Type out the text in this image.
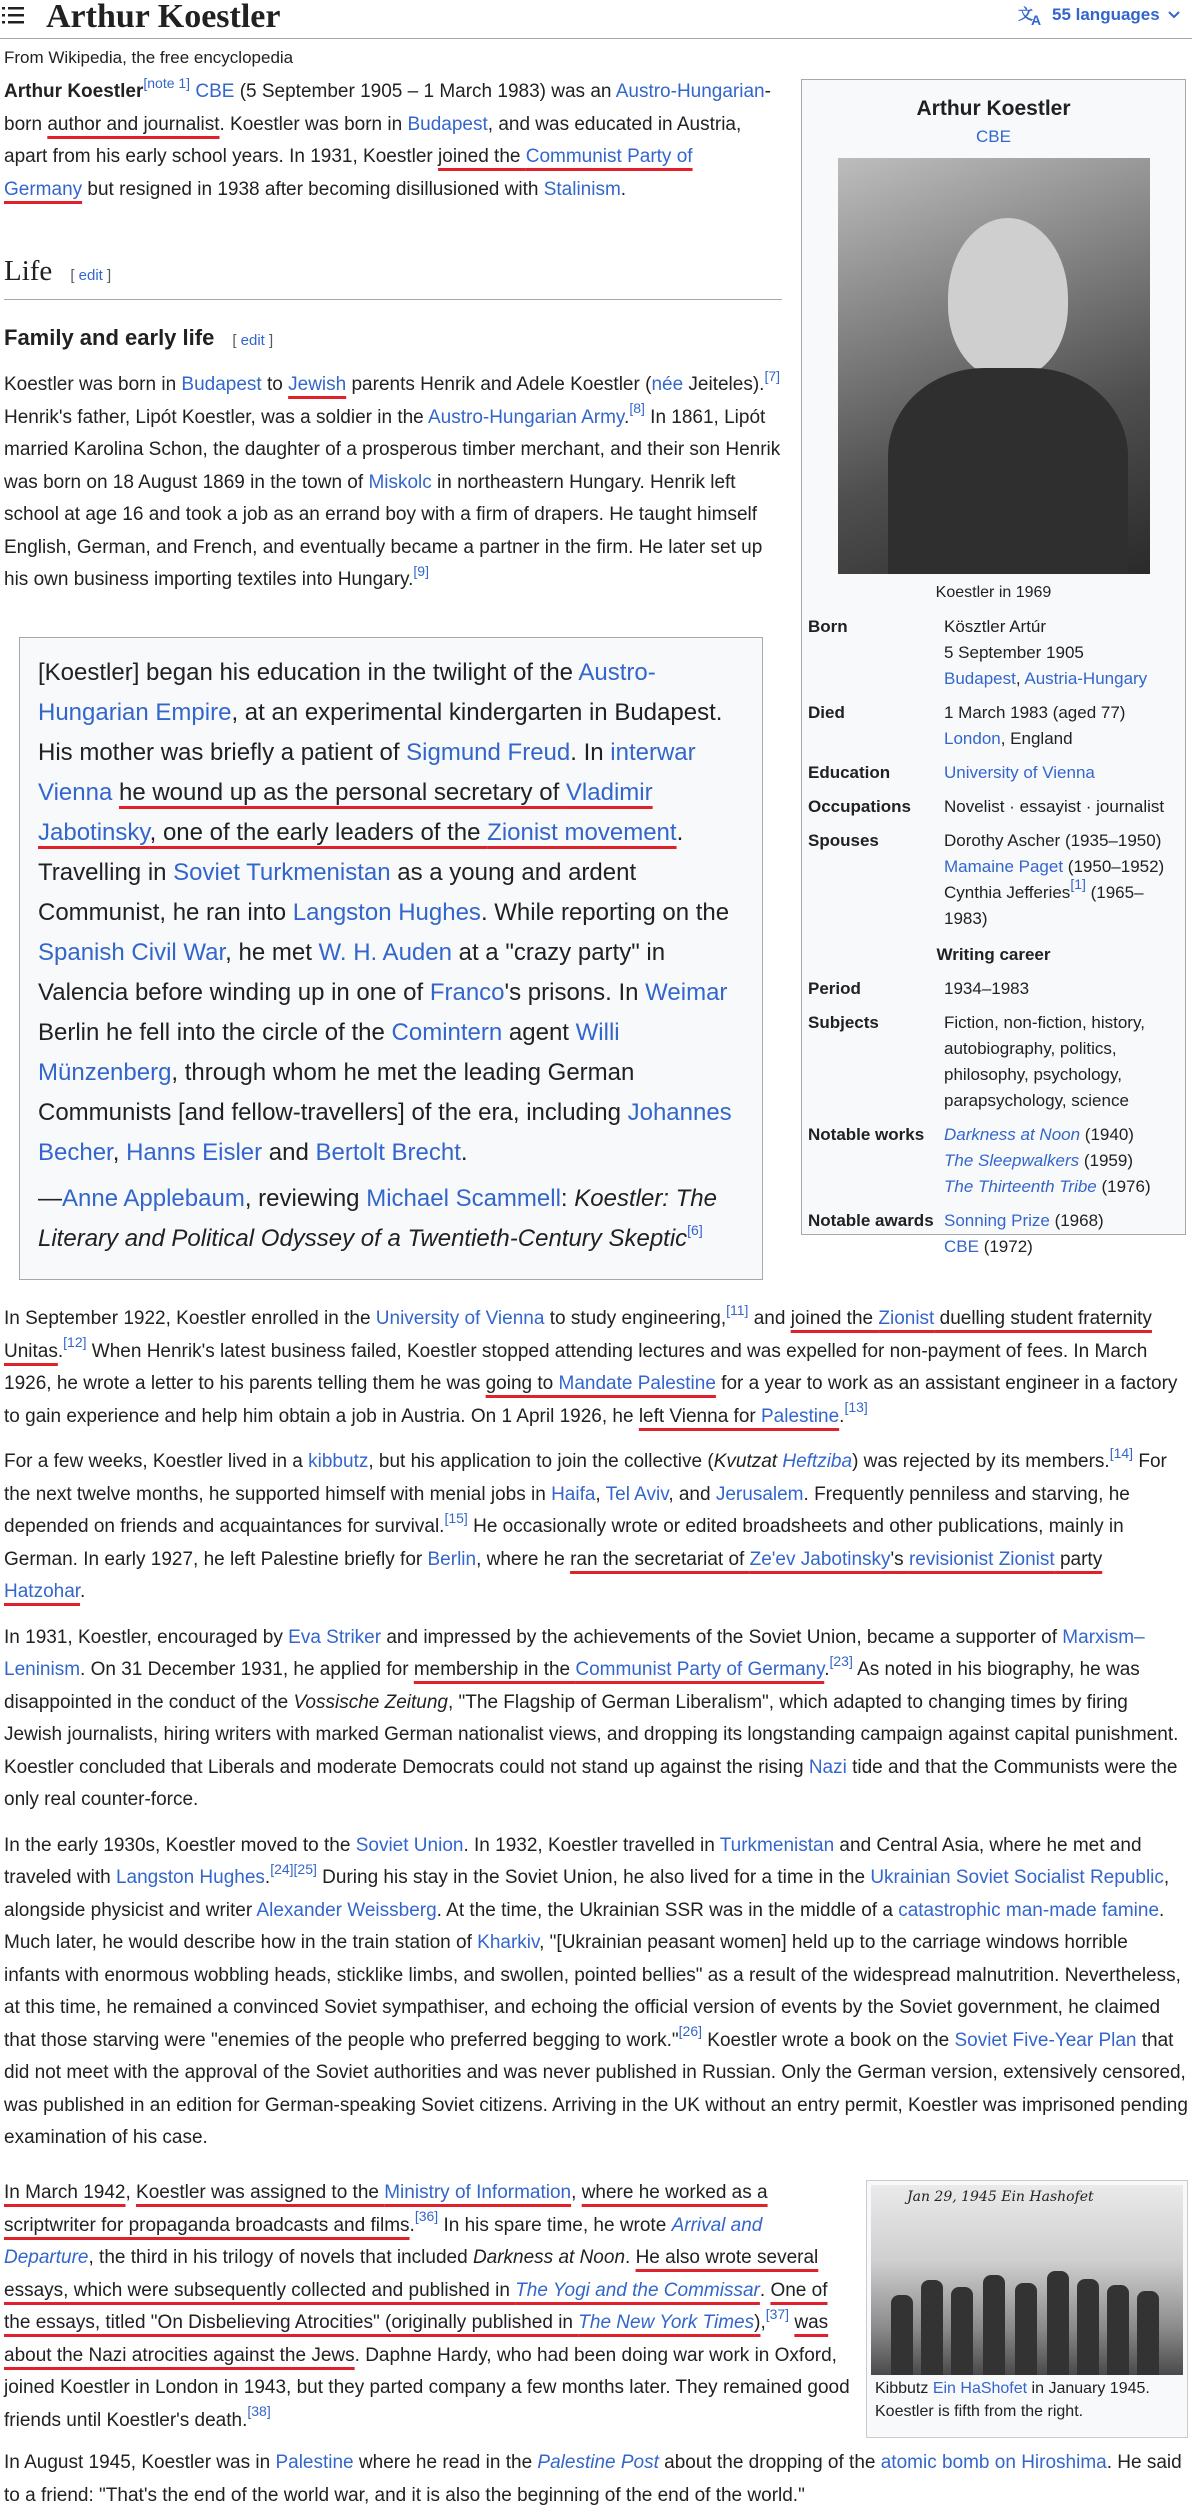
Arthur Koestler	文
A 55 languages
From Wikipedia, the free encyclopedia
Arthur Koestler[note 1] CBE (5 September 1905 – 1 March 1983) was an Austro-Hungarian-born author and journalist. Koestler was born in Budapest, and was educated in Austria, apart from his early school years. In 1931, Koestler joined the Communist Party of Germany but resigned in 1938 after becoming disillusioned with Stalinism.
Life [ edit ]
Family and early life [ edit ]
Koestler was born in Budapest to Jewish parents Henrik and Adele Koestler (née Jeiteles).[7] Henrik's father, Lipót Koestler, was a soldier in the Austro-Hungarian Army.[8] In 1861, Lipót married Karolina Schon, the daughter of a prosperous timber merchant, and their son Henrik was born on 18 August 1869 in the town of Miskolc in northeastern Hungary. Henrik left school at age 16 and took a job as an errand boy with a firm of drapers. He taught himself English, German, and French, and eventually became a partner in the firm. He later set up his own business importing textiles into Hungary.[9]
[Koestler] began his education in the twilight of the Austro-Hungarian Empire, at an experimental kindergarten in Budapest. His mother was briefly a patient of Sigmund Freud. In interwar Vienna he wound up as the personal secretary of Vladimir Jabotinsky, one of the early leaders of the Zionist movement. Travelling in Soviet Turkmenistan as a young and ardent Communist, he ran into Langston Hughes. While reporting on the Spanish Civil War, he met W. H. Auden at a "crazy party" in Valencia before winding up in one of Franco's prisons. In Weimar Berlin he fell into the circle of the Comintern agent Willi Münzenberg, through whom he met the leading German Communists [and fellow-travellers] of the era, including Johannes Becher, Hanns Eisler and Bertolt Brecht.
—Anne Applebaum, reviewing Michael Scammell: Koestler: The Literary and Political Odyssey of a Twentieth-Century Skeptic[6]
Arthur Koestler
CBE
Koestler in 1969
Born	Kösztler Artúr
5 September 1905
Budapest, Austria-Hungary
Died	1 March 1983 (aged 77)
London, England
Education	University of Vienna
Occupations	Novelist · essayist · journalist
Spouses	Dorothy Ascher (1935–1950)
Mamaine Paget (1950–1952)
Cynthia Jefferies[1] (1965–1983)
Writing career
Period	1934–1983
Subjects	Fiction, non-fiction, history, autobiography, politics, philosophy, psychology, parapsychology, science
Notable works	Darkness at Noon (1940)
The Sleepwalkers (1959)
The Thirteenth Tribe (1976)
Notable awards Sonning Prize (1968)
CBE (1972)

In September 1922, Koestler enrolled in the University of Vienna to study engineering,[11] and joined the Zionist duelling student fraternity Unitas.[12] When Henrik's latest business failed, Koestler stopped attending lectures and was expelled for non-payment of fees. In March 1926, he wrote a letter to his parents telling them he was going to Mandate Palestine for a year to work as an assistant engineer in a factory to gain experience and help him obtain a job in Austria. On 1 April 1926, he left Vienna for Palestine.[13]

For a few weeks, Koestler lived in a kibbutz, but his application to join the collective (Kvutzat Heftziba) was rejected by its members.[14] For the next twelve months, he supported himself with menial jobs in Haifa, Tel Aviv, and Jerusalem. Frequently penniless and starving, he depended on friends and acquaintances for survival.[15] He occasionally wrote or edited broadsheets and other publications, mainly in German. In early 1927, he left Palestine briefly for Berlin, where he ran the secretariat of Ze'ev Jabotinsky's revisionist Zionist party Hatzohar.

In 1931, Koestler, encouraged by Eva Striker and impressed by the achievements of the Soviet Union, became a supporter of Marxism–Leninism. On 31 December 1931, he applied for membership in the Communist Party of Germany.[23] As noted in his biography, he was disappointed in the conduct of the Vossische Zeitung, "The Flagship of German Liberalism", which adapted to changing times by firing Jewish journalists, hiring writers with marked German nationalist views, and dropping its longstanding campaign against capital punishment. Koestler concluded that Liberals and moderate Democrats could not stand up against the rising Nazi tide and that the Communists were the only real counter-force.

In the early 1930s, Koestler moved to the Soviet Union. In 1932, Koestler travelled in Turkmenistan and Central Asia, where he met and traveled with Langston Hughes.[24][25] During his stay in the Soviet Union, he also lived for a time in the Ukrainian Soviet Socialist Republic, alongside physicist and writer Alexander Weissberg. At the time, the Ukrainian SSR was in the middle of a catastrophic man-made famine. Much later, he would describe how in the train station of Kharkiv, "[Ukrainian peasant women] held up to the carriage windows horrible infants with enormous wobbling heads, sticklike limbs, and swollen, pointed bellies" as a result of the widespread malnutrition. Nevertheless, at this time, he remained a convinced Soviet sympathiser, and echoing the official version of events by the Soviet government, he claimed that those starving were "enemies of the people who preferred begging to work."[26] Koestler wrote a book on the Soviet Five-Year Plan that did not meet with the approval of the Soviet authorities and was never published in Russian. Only the German version, extensively censored, was published in an edition for German-speaking Soviet citizens. Arriving in the UK without an entry permit, Koestler was imprisoned pending examination of his case.

In March 1942, Koestler was assigned to the Ministry of Information, where he worked as a scriptwriter for propaganda broadcasts and films.[36] In his spare time, he wrote Arrival and Departure, the third in his trilogy of novels that included Darkness at Noon. He also wrote several essays, which were subsequently collected and published in The Yogi and the Commissar. One of the essays, titled "On Disbelieving Atrocities" (originally published in The New York Times),[37] was about the Nazi atrocities against the Jews. Daphne Hardy, who had been doing war work in Oxford, joined Koestler in London in 1943, but they parted company a few months later. They remained good friends until Koestler's death.[38]
Jan 29, 1945 Ein Hashofet
Kibbutz Ein HaShofet in January 1945. Koestler is fifth from the right.
In August 1945, Koestler was in Palestine where he read in the Palestine Post about the dropping of the atomic bomb on Hiroshima. He said to a friend: "That's the end of the world war, and it is also the beginning of the end of the world."
